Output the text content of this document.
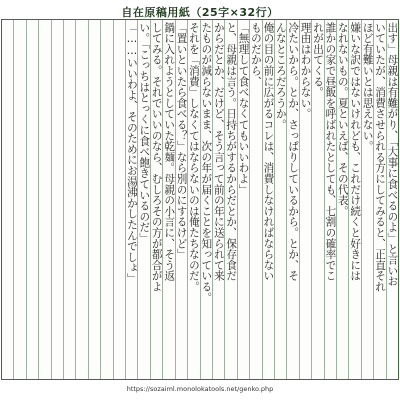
自在原稿用紙（25字×32行）
出す」母親は有難がり、「大事に食べるのよ」と言いお
いていたが、消費させられる方にしてみると、正直それ
ほど有難いとは思えない。
嫌いな訳ではないけれども、これだけ続くと好きには
なれないもの。夏といえば、その代表。
誰かの家で昼飯を呼ばれたとしても、七割の確率でこ
れが出てくる。
理由はわからない。
冷たいから。とか、さっぱりしているから。とか、そ
んなところだろうか。
俺の目の前に広がるコレは、消費しなければならない
ものだから、
「無理して食べなくてもいいわよ」
と、母親は言う。日持ちがするからだとか、保存食だ
からだとか、だけど、そう言って前の年に送られて来
たものが減らないまま、次の年が届くことを知っている。
それを「消費」しなくてはならないのは俺たちなのだ。
「置いといたら食べる？」なら別のにするけど」
鍋に入れようとしていた乾麺。母親の小言に、そう返
してみる。それでいいのなら、むしろその方が都合がよ
い。「こっちはとっくに食べ飽きているのだ」
「……いいわよ、そのためにお湯沸かしたんでしょ」
https://sozaiml.monolokatools.net/genko.php
